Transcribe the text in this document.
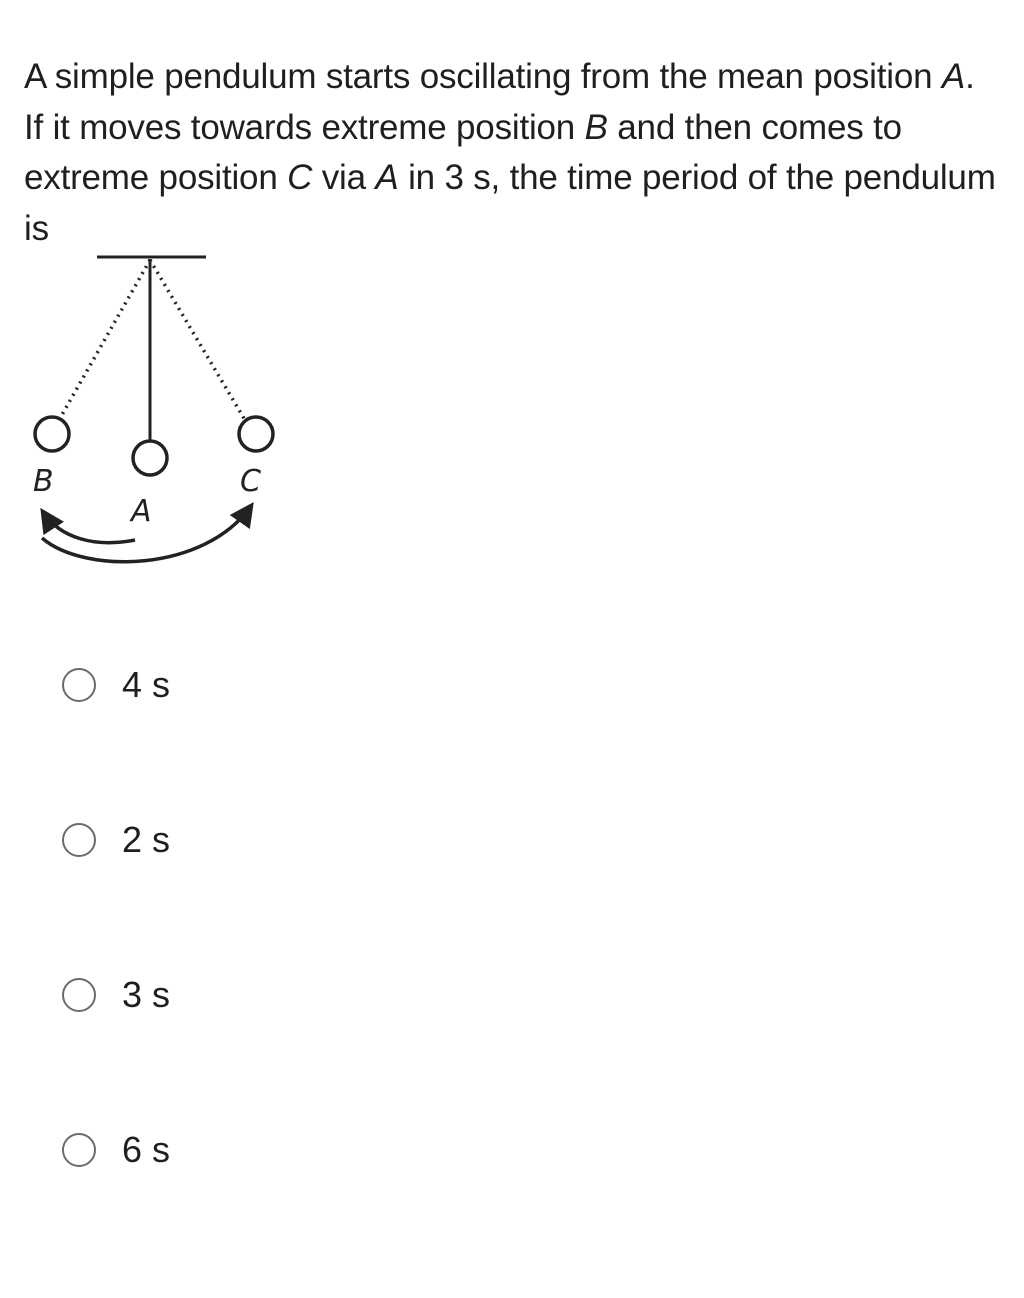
A simple pendulum starts oscillating from the mean position A. If it moves towards extreme position B and then comes to extreme position C via A in 3 s, the time period of the pendulum is
B
A
C
4 s
2 s
3 s
6 s
